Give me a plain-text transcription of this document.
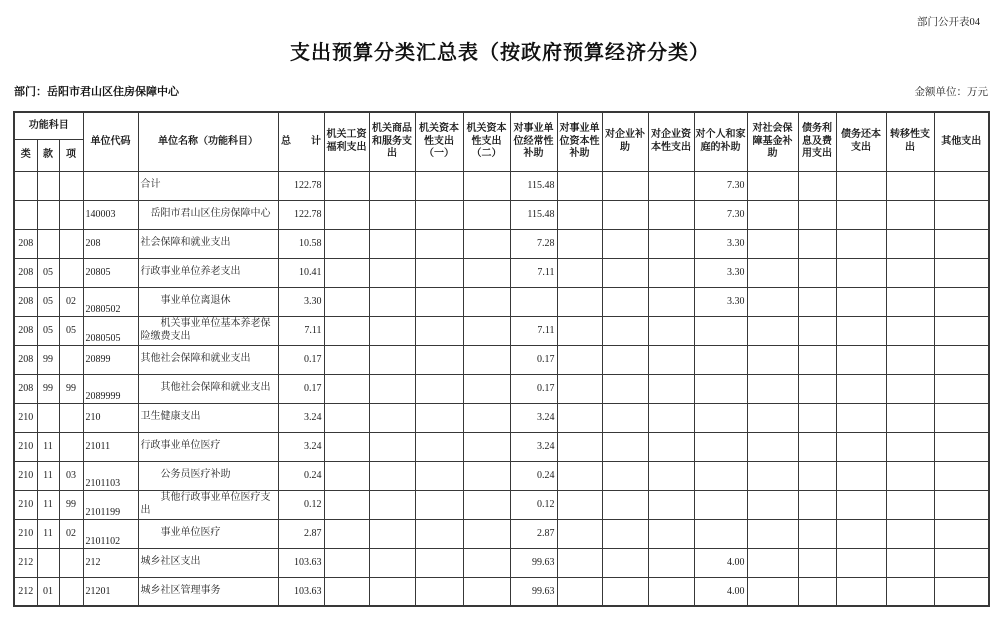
部门公开表04
支出预算分类汇总表（按政府预算经济分类）
部门：岳阳市君山区住房保障中心	金额单位：万元
功能科目			单位代码	单位名称（功能科目）	总　　计	机关工资福利支出	机关商品和服务支出	机关资本性支出（一）	机关资本性支出（二）	对事业单位经常性补助	对事业单位资本性补助	对企业补助	对企业资本性支出	对个人和家庭的补助	对社会保障基金补助	债务利息及费用支出	债务还本支出	转移性支出	其他支出
类	款	项																	
				合计	122.78					115.48				7.30					
			140003	　岳阳市君山区住房保障中心	122.78					115.48				7.30					
208			208	社会保障和就业支出	10.58					7.28				3.30					
208	05		20805	行政事业单位养老支出	10.41					7.11				3.30					
208	05	02	2080502	　　事业单位离退休	3.30									3.30					
208	05	05	2080505	　　机关事业单位基本养老保险缴费支出	7.11					7.11									
208	99		20899	其他社会保障和就业支出	0.17					0.17									
208	99	99	2089999	　　其他社会保障和就业支出	0.17					0.17									
210			210	卫生健康支出	3.24					3.24									
210	11		21011	行政事业单位医疗	3.24					3.24									
210	11	03	2101103	　　公务员医疗补助	0.24					0.24									
210	11	99	2101199	　　其他行政事业单位医疗支出	0.12					0.12									
210	11	02	2101102	　　事业单位医疗	2.87					2.87									
212			212	城乡社区支出	103.63					99.63				4.00					
212	01		21201	城乡社区管理事务	103.63					99.63				4.00					
